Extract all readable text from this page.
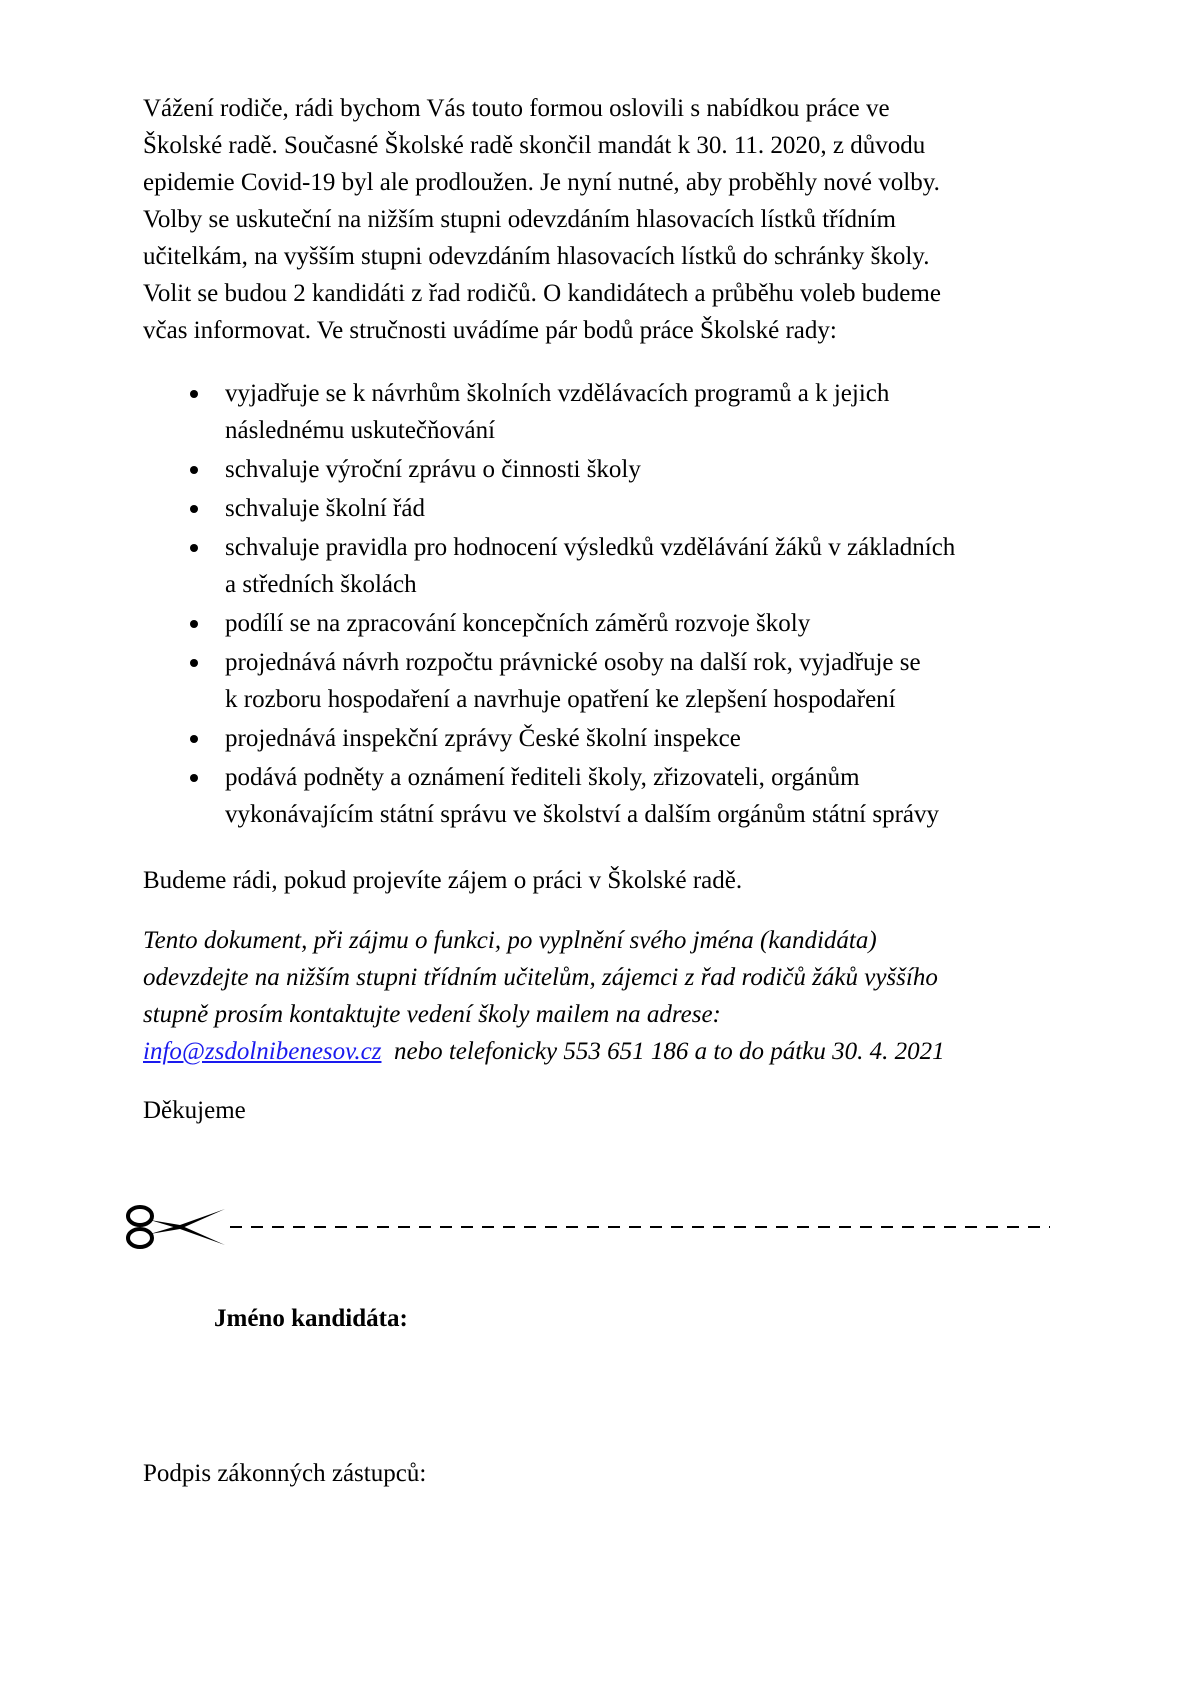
Vážení rodiče, rádi bychom Vás touto formou oslovili s nabídkou práce ve
Školské radě. Současné Školské radě skončil mandát k 30. 11. 2020, z důvodu
epidemie Covid-19 byl ale prodloužen. Je nyní nutné, aby proběhly nové volby.
Volby se uskuteční na nižším stupni odevzdáním hlasovacích lístků třídním
učitelkám, na vyšším stupni odevzdáním hlasovacích lístků do schránky školy.
Volit se budou 2 kandidáti z řad rodičů. O kandidátech a průběhu voleb budeme
včas informovat. Ve stručnosti uvádíme pár bodů práce Školské rady:

vyjadřuje se k návrhům školních vzdělávacích programů a k jejich
následnému uskutečňování
schvaluje výroční zprávu o činnosti školy
schvaluje školní řád
schvaluje pravidla pro hodnocení výsledků vzdělávání žáků v základních
a středních školách
podílí se na zpracování koncepčních záměrů rozvoje školy
projednává návrh rozpočtu právnické osoby na další rok, vyjadřuje se
k rozboru hospodaření a navrhuje opatření ke zlepšení hospodaření
projednává inspekční zprávy České školní inspekce
podává podněty a oznámení řediteli školy, zřizovateli, orgánům
vykonávajícím státní správu ve školství a dalším orgánům státní správy

Budeme rádi, pokud projevíte zájem o práci v Školské radě.

Tento dokument, při zájmu o funkci, po vyplnění svého jména (kandidáta)
odevzdejte na nižším stupni třídním učitelům, zájemci z řad rodičů žáků vyššího
stupně prosím kontaktujte vedení školy mailem na adrese:
info@zsdolnibenesov.cz  nebo telefonicky 553 651 186 a to do pátku 30. 4. 2021

Děkujeme

Jméno kandidáta:

Podpis zákonných zástupců:
